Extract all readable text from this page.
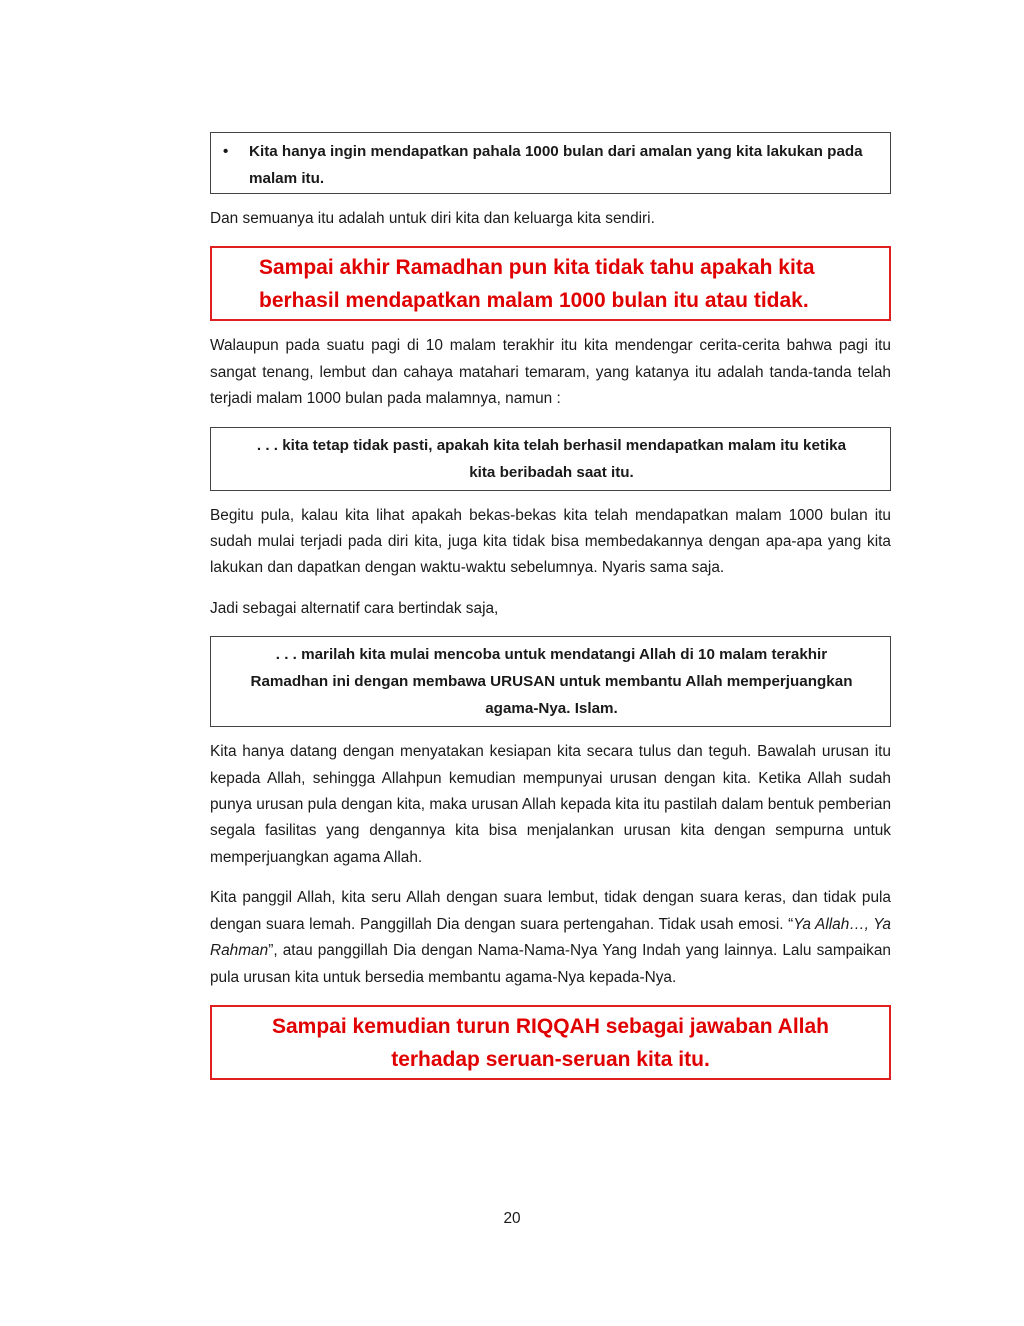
•	Kita hanya ingin mendapatkan pahala 1000 bulan dari amalan yang kita lakukan pada malam itu.

Dan semuanya itu adalah untuk diri kita dan keluarga kita sendiri.

Sampai akhir Ramadhan pun kita tidak tahu apakah kita
berhasil mendapatkan malam 1000 bulan itu atau tidak.

Walaupun pada suatu pagi di 10 malam terakhir itu kita mendengar cerita-cerita bahwa pagi itu sangat tenang, lembut dan cahaya matahari temaram, yang katanya itu adalah tanda-tanda telah terjadi malam 1000 bulan pada malamnya, namun :

. . . kita tetap tidak pasti, apakah kita telah berhasil mendapatkan malam itu ketika
kita beribadah saat itu.

Begitu pula, kalau kita lihat apakah bekas-bekas kita telah mendapatkan malam 1000 bulan itu sudah mulai terjadi pada diri kita, juga kita tidak bisa membedakannya dengan apa-apa yang kita lakukan dan dapatkan dengan waktu-waktu sebelumnya. Nyaris sama saja.

Jadi sebagai alternatif cara bertindak saja,

. . . marilah kita mulai mencoba untuk mendatangi Allah di 10 malam terakhir
Ramadhan ini dengan membawa URUSAN untuk membantu Allah memperjuangkan
agama-Nya. Islam.

Kita hanya datang dengan menyatakan kesiapan kita secara tulus dan teguh. Bawalah urusan itu kepada Allah, sehingga Allahpun kemudian mempunyai urusan dengan kita. Ketika Allah sudah punya urusan pula dengan kita, maka urusan Allah kepada kita itu pastilah dalam bentuk pemberian segala fasilitas yang dengannya kita bisa menjalankan urusan kita dengan sempurna untuk memperjuangkan agama Allah.

Kita panggil Allah, kita seru Allah dengan suara lembut, tidak dengan suara keras, dan tidak pula dengan suara lemah. Panggillah Dia dengan suara pertengahan. Tidak usah emosi. “Ya Allah…, Ya Rahman”, atau panggillah Dia dengan Nama-Nama-Nya Yang Indah yang lainnya. Lalu sampaikan pula urusan kita untuk bersedia membantu agama-Nya kepada-Nya.

Sampai kemudian turun RIQQAH sebagai jawaban Allah
terhadap seruan-seruan kita itu.
20
